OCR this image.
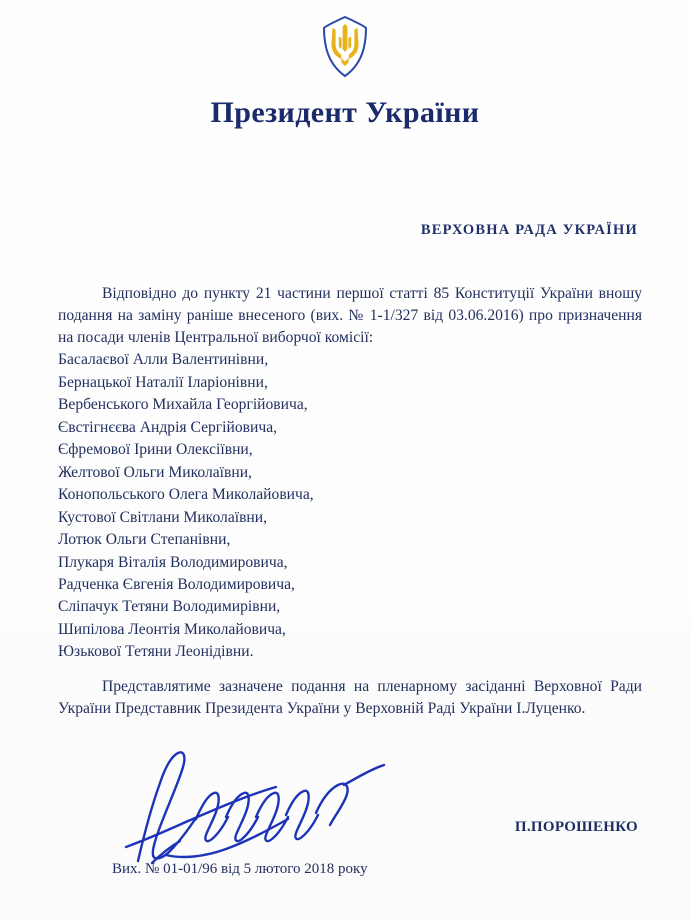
Президент України
ВЕРХОВНА РАДА УКРАЇНИ

Відповідно до пункту 21 частини першої статті 85 Конституції України вношу подання на заміну раніше внесеного (вих. № 1-1/327 від 03.06.2016) про призначення на посади членів Центральної виборчої комісії:

Басалаєвої Алли Валентинівни,
Бернацької Наталії Іларіонівни,
Вербенського Михайла Георгійовича,
Євстігнєєва Андрія Сергійовича,
Єфремової Ірини Олексіївни,
Желтової Ольги Миколаївни,
Конопольського Олега Миколайовича,
Кустової Світлани Миколаївни,
Лотюк Ольги Степанівни,
Плукаря Віталія Володимировича,
Радченка Євгенія Володимировича,
Сліпачук Тетяни Володимирівни,
Шипілова Леонтія Миколайовича,
Юзькової Тетяни Леонідівни.

Представлятиме зазначене подання на пленарному засіданні Верховної Ради України Представник Президента України у Верховній Раді України І.Луценко.

П.ПОРОШЕНКО
Вих. № 01-01/96 від 5 лютого 2018 року
